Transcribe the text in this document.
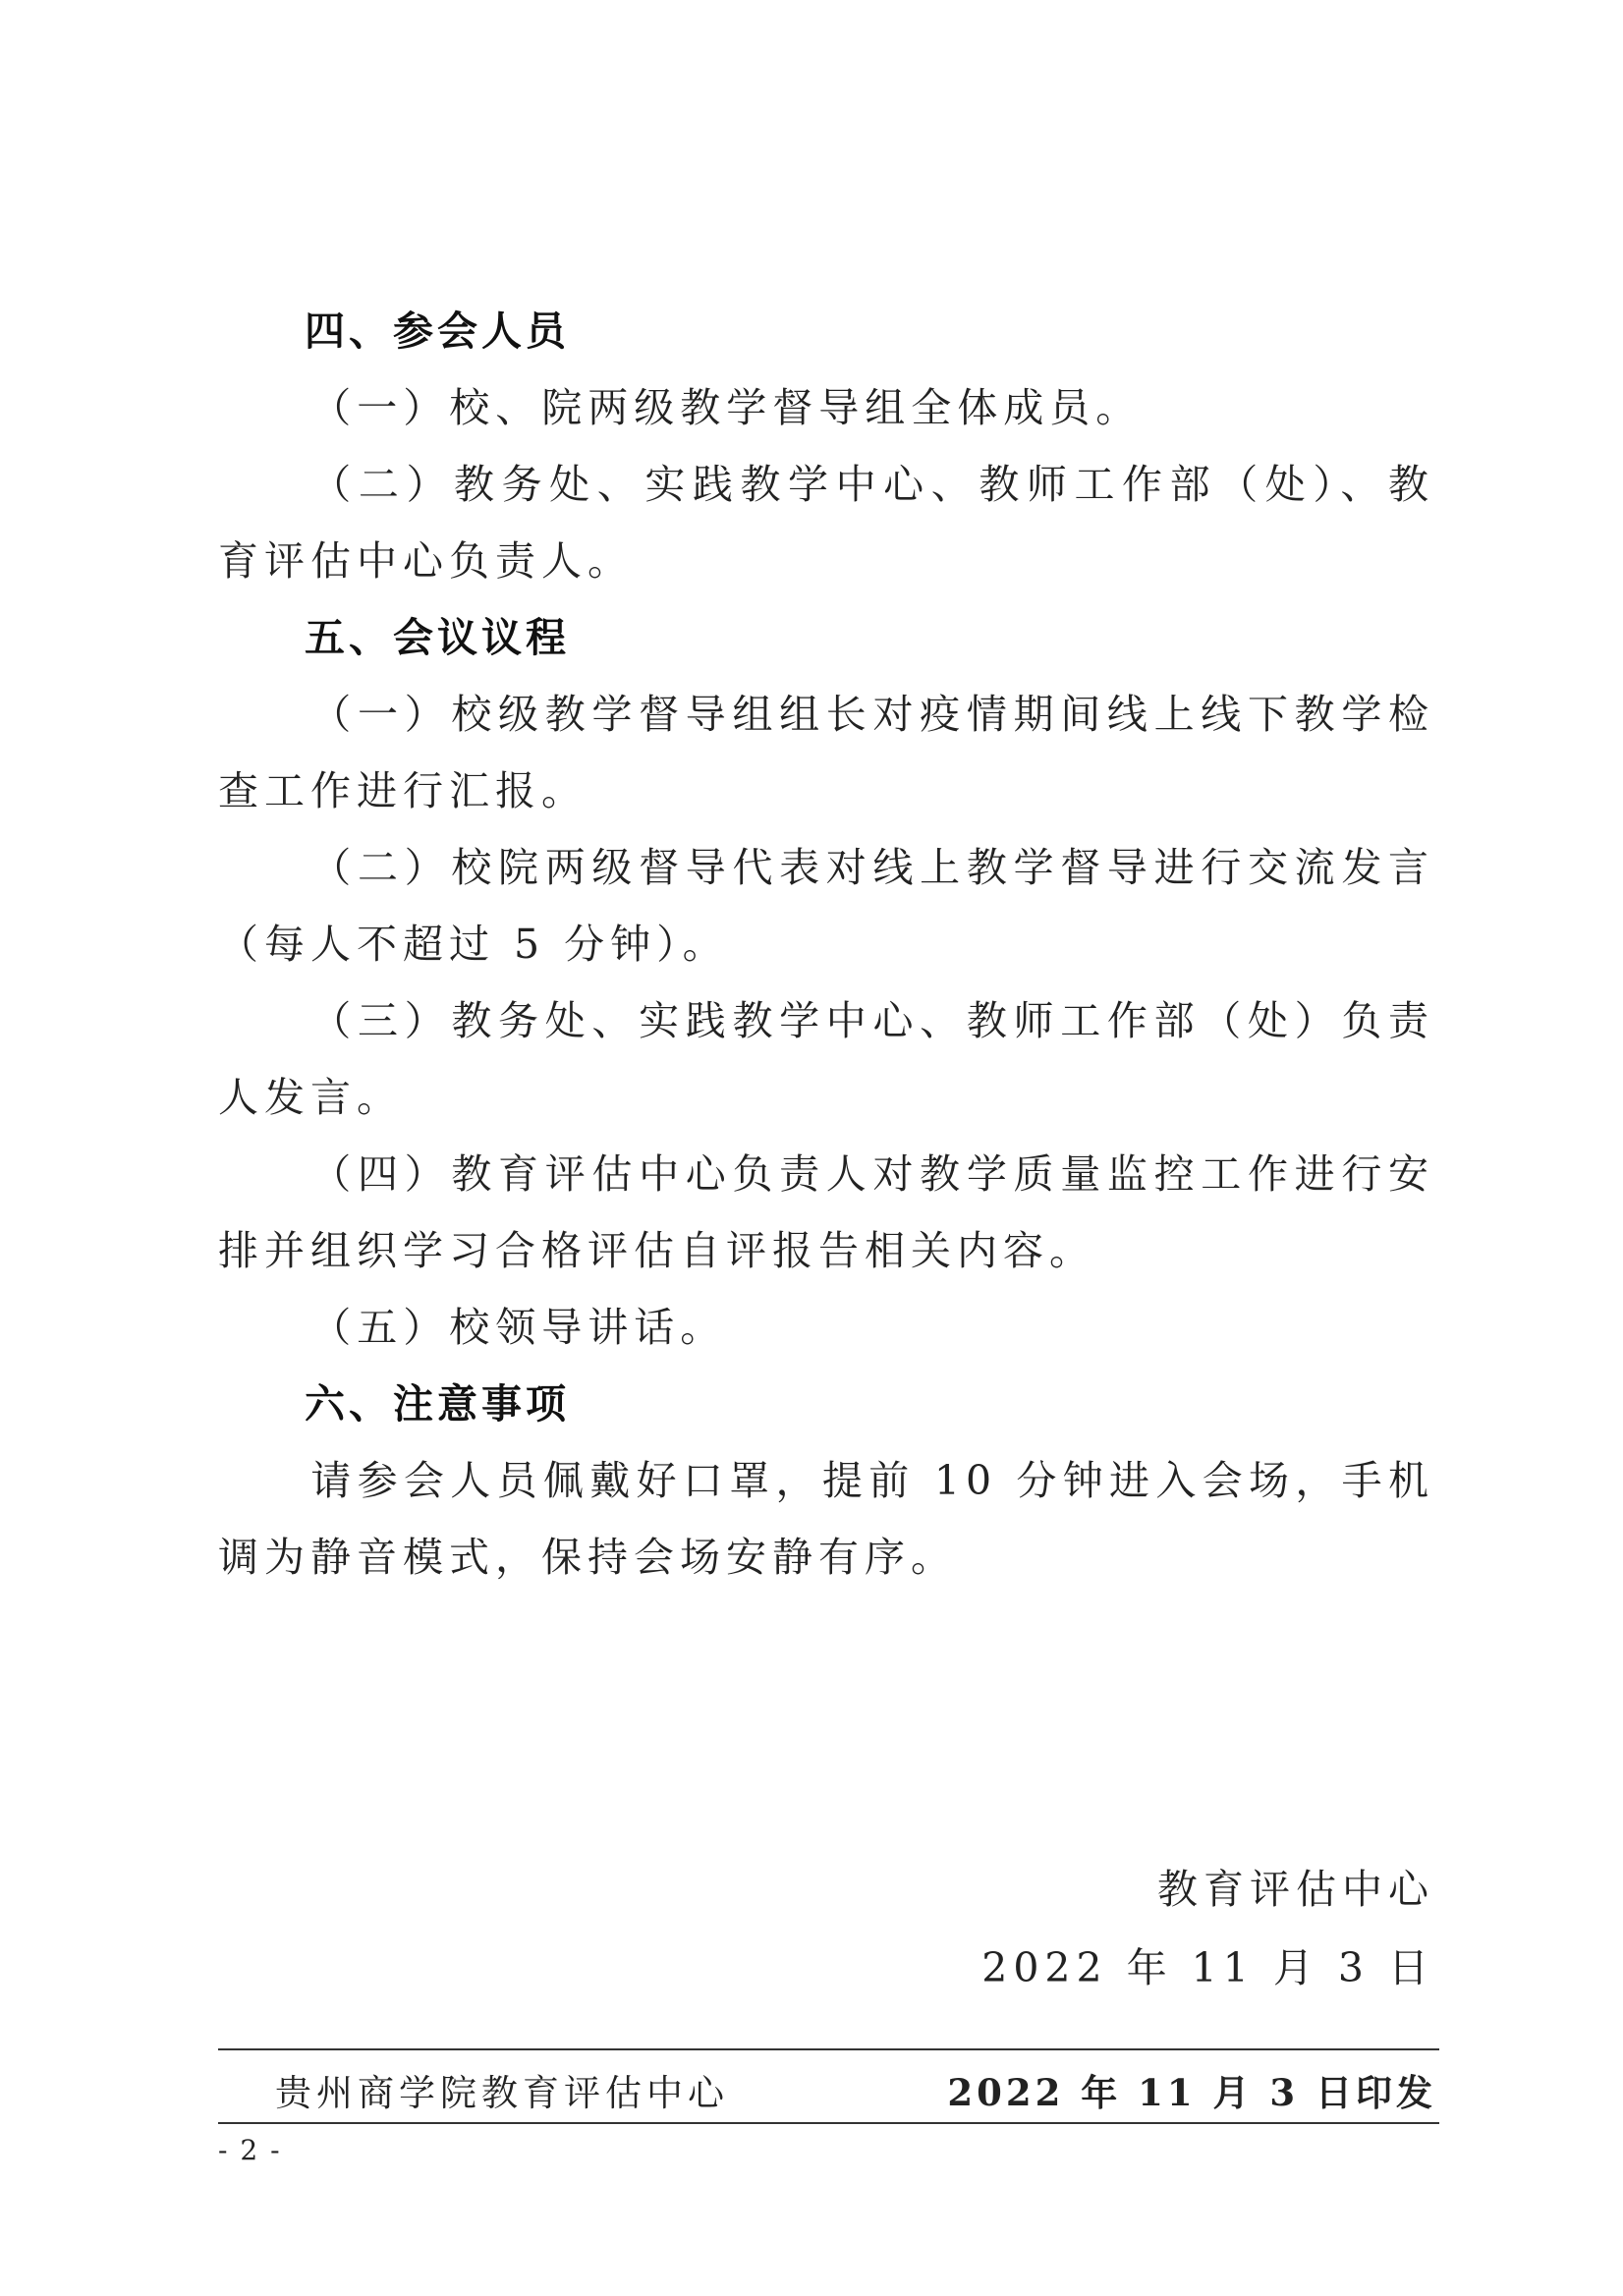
四、参会人员

（一）校、院两级教学督导组全体成员。

（二）教务处、实践教学中心、教师工作部（处）、教育评估中心负责人。

五、会议议程

（一）校级教学督导组组长对疫情期间线上线下教学检查工作进行汇报。

（二）校院两级督导代表对线上教学督导进行交流发言（每人不超过 5 分钟）。

（三）教务处、实践教学中心、教师工作部（处）负责人发言。

（四）教育评估中心负责人对教学质量监控工作进行安排并组织学习合格评估自评报告相关内容。

（五）校领导讲话。

六、注意事项

请参会人员佩戴好口罩，提前 10 分钟进入会场，手机调为静音模式，保持会场安静有序。

教育评估中心
2022 年 11 月 3 日
贵州商学院教育评估中心	2022 年 11 月 3 日印发
- 2 -
